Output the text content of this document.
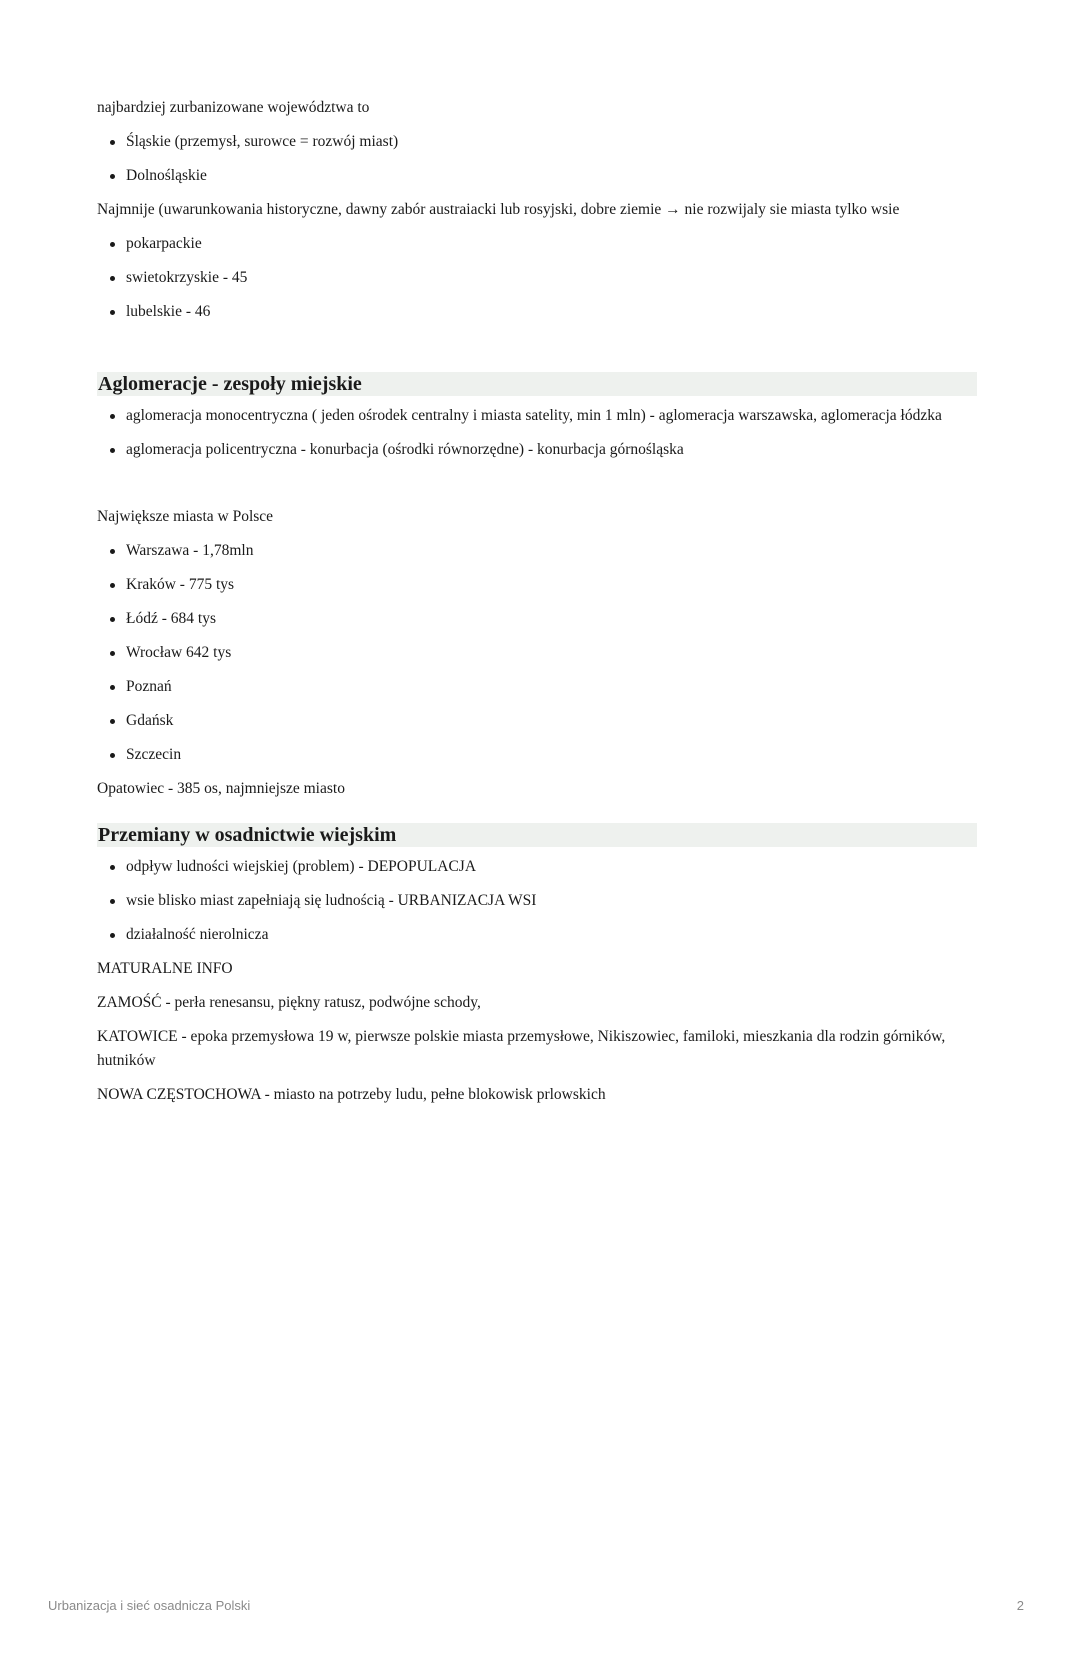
najbardziej zurbanizowane województwa to

Śląskie (przemysł, surowce = rozwój miast)
Dolnośląskie

Najmnije (uwarunkowania historyczne, dawny zabór austraiacki lub rosyjski, dobre ziemie → nie rozwijaly sie miasta tylko wsie

pokarpackie
swietokrzyskie - 45
lubelskie - 46
Aglomeracje - zespoły miejskie
aglomeracja monocentryczna ( jeden ośrodek centralny i miasta satelity, min 1 mln) - aglomeracja warszawska, aglomeracja łódzka
aglomeracja policentryczna - konurbacja (ośrodki równorzędne) - konurbacja górnośląska

Największe miasta w Polsce

Warszawa - 1,78mln
Kraków - 775 tys
Łódź - 684 tys
Wrocław 642 tys
Poznań
Gdańsk
Szczecin

Opatowiec - 385 os, najmniejsze miasto

Przemiany w osadnictwie wiejskim
odpływ ludności wiejskiej (problem) - DEPOPULACJA
wsie blisko miast zapełniają się ludnością - URBANIZACJA WSI
działalność nierolnicza

MATURALNE INFO

ZAMOŚĆ - perła renesansu, piękny ratusz, podwójne schody,

KATOWICE - epoka przemysłowa 19 w, pierwsze polskie miasta przemysłowe, Nikiszowiec, familoki, mieszkania dla rodzin górników, hutników

NOWA CZĘSTOCHOWA - miasto na potrzeby ludu, pełne blokowisk prlowskich

Urbanizacja i sieć osadnicza Polski	2
